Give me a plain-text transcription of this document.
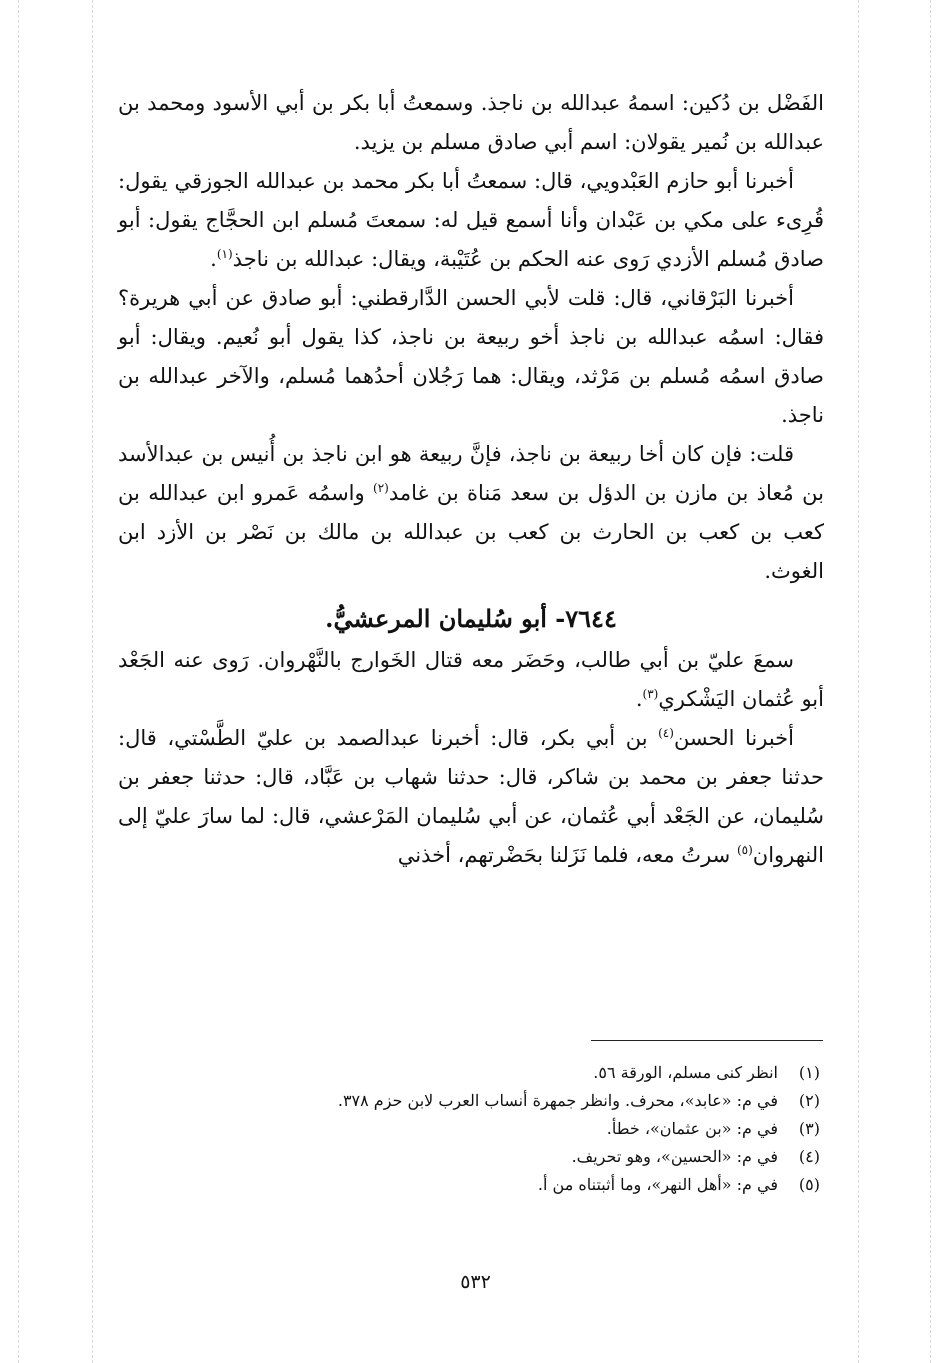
الفَضْل بن دُكين: اسمهُ عبدالله بن ناجذ. وسمعتُ أبا بكر بن أبي الأسود ومحمد بن عبدالله بن نُمير يقولان: اسم أبي صادق مسلم بن يزيد.

أخبرنا أبو حازم العَبْدويي، قال: سمعتُ أبا بكر محمد بن عبدالله الجوزقي يقول: قُرِىء على مكي بن عَبْدان وأنا أسمع قيل له: سمعتَ مُسلم ابن الحجَّاج يقول: أبو صادق مُسلم الأزدي رَوى عنه الحكم بن عُتَيْبة، ويقال: عبدالله بن ناجذ$^{(١)}$.

أخبرنا البَرْقاني، قال: قلت لأبي الحسن الدَّارقطني: أبو صادق عن أبي هريرة؟ فقال: اسمُه عبدالله بن ناجذ أخو ربيعة بن ناجذ، كذا يقول أبو نُعيم. ويقال: أبو صادق اسمُه مُسلم بن مَرْثد، ويقال: هما رَجُلان أحدُهما مُسلم، والآخر عبدالله بن ناجذ.

قلت: فإن كان أخا ربيعة بن ناجذ، فإنَّ ربيعة هو ابن ناجذ بن أُنيس بن عبدالأسد بن مُعاذ بن مازن بن الدؤل بن سعد مَناة بن غامد$^{(٢)}$ واسمُه عَمرو ابن عبدالله بن كعب بن كعب بن الحارث بن كعب بن عبدالله بن مالك بن نَصْر بن الأزد ابن الغوث.

٧٦٤٤- أبو سُليمان المرعشيُّ.

سمعَ عليّ بن أبي طالب، وحَضَر معه قتال الخَوارج بالنَّهْروان. رَوى عنه الجَعْد أبو عُثمان اليَشْكري$^{(٣)}$.

أخبرنا الحسن$^{(٤)}$ بن أبي بكر، قال: أخبرنا عبدالصمد بن عليّ الطَّسْتي، قال: حدثنا جعفر بن محمد بن شاكر، قال: حدثنا شهاب بن عَبَّاد، قال: حدثنا جعفر بن سُليمان، عن الجَعْد أبي عُثمان، عن أبي سُليمان المَرْعشي، قال: لما سارَ عليّ إلى النهروان$^{(٥)}$ سرتُ معه، فلما نَزَلنا بحَضْرتهم، أخذني

(١)
انظر كنى مسلم، الورقة ٥٦.

(٢)
في م: «عابد»، محرف. وانظر جمهرة أنساب العرب لابن حزم ٣٧٨.

(٣)
في م: «بن عثمان»، خطأ.

(٤)
في م: «الحسين»، وهو تحريف.

(٥)
في م: «أهل النهر»، وما أثبتناه من أ.

٥٣٢
